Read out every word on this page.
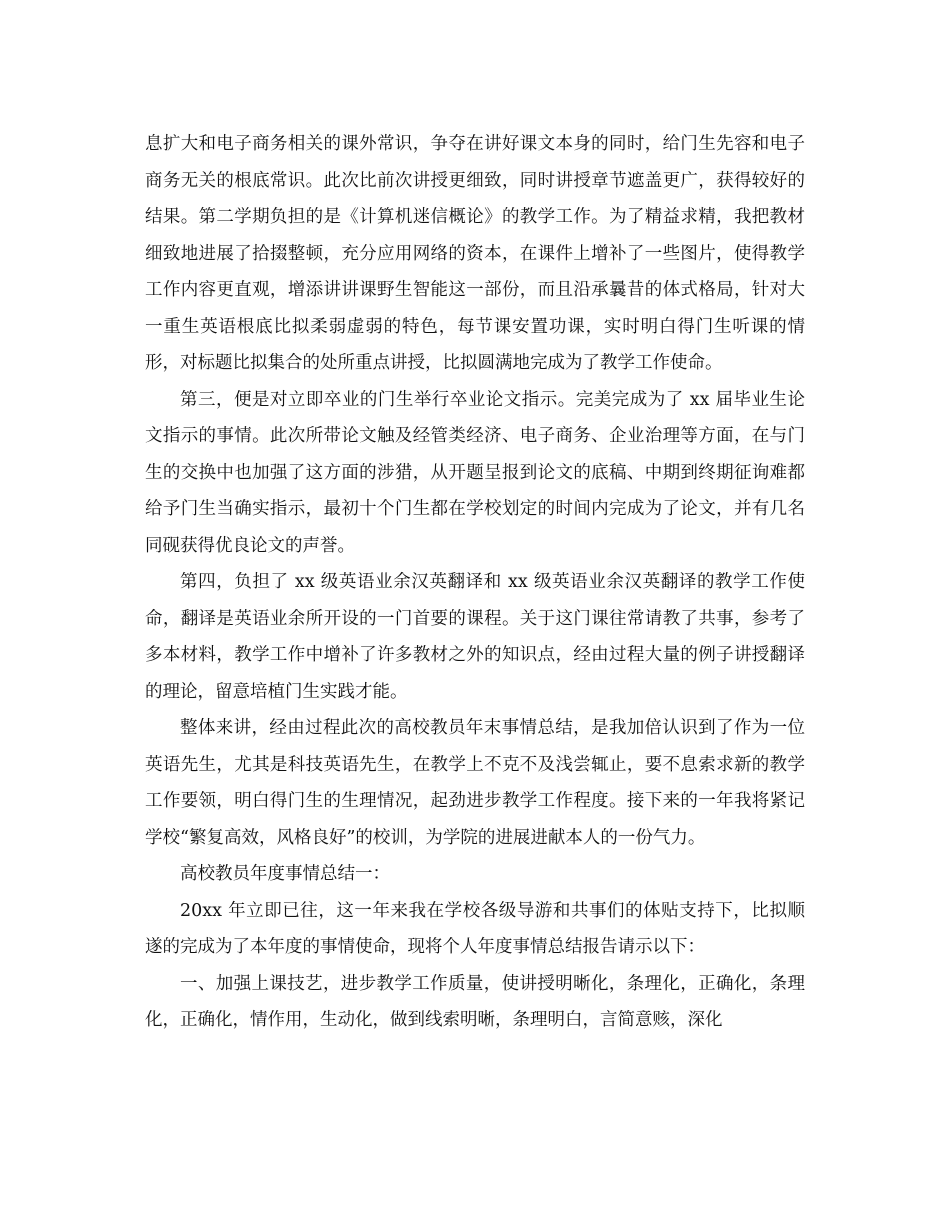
息扩大和电子商务相关的课外常识，争夺在讲好课文本身的同时，给门生先容和电子商务无关的根底常识。此次比前次讲授更细致，同时讲授章节遮盖更广，获得较好的结果。第二学期负担的是《计算机迷信概论》的教学工作。为了精益求精，我把教材细致地进展了拾掇整顿，充分应用网络的资本，在课件上增补了一些图片，使得教学工作内容更直观，增添讲讲课野生智能这一部份，而且沿承曩昔的体式格局，针对大一重生英语根底比拟柔弱虚弱的特色，每节课安置功课，实时明白得门生听课的情形，对标题比拟集合的处所重点讲授，比拟圆满地完成为了教学工作使命。

第三，便是对立即卒业的门生举行卒业论文指示。完美完成为了 xx 届毕业生论文指示的事情。此次所带论文触及经管类经济、电子商务、企业治理等方面，在与门生的交换中也加强了这方面的涉猎，从开题呈报到论文的底稿、中期到终期征询难都给予门生当确实指示，最初十个门生都在学校划定的时间内完成为了论文，并有几名同砚获得优良论文的声誉。

第四，负担了 xx 级英语业余汉英翻译和 xx 级英语业余汉英翻译的教学工作使命，翻译是英语业余所开设的一门首要的课程。关于这门课往常请教了共事，参考了多本材料，教学工作中增补了许多教材之外的知识点，经由过程大量的例子讲授翻译的理论，留意培植门生实践才能。

整体来讲，经由过程此次的高校教员年末事情总结，是我加倍认识到了作为一位英语先生，尤其是科技英语先生，在教学上不克不及浅尝辄止，要不息索求新的教学工作要领，明白得门生的生理情况，起劲进步教学工作程度。接下来的一年我将紧记学校“繁复高效，风格良好”的校训，为学院的进展进献本人的一份气力。

高校教员年度事情总结一：

20xx 年立即已往，这一年来我在学校各级导游和共事们的体贴支持下，比拟顺遂的完成为了本年度的事情使命，现将个人年度事情总结报告请示以下：

一、加强上课技艺，进步教学工作质量，使讲授明晰化，条理化，正确化，条理化，正确化，情作用，生动化，做到线索明晰，条理明白，言简意赅，深化
